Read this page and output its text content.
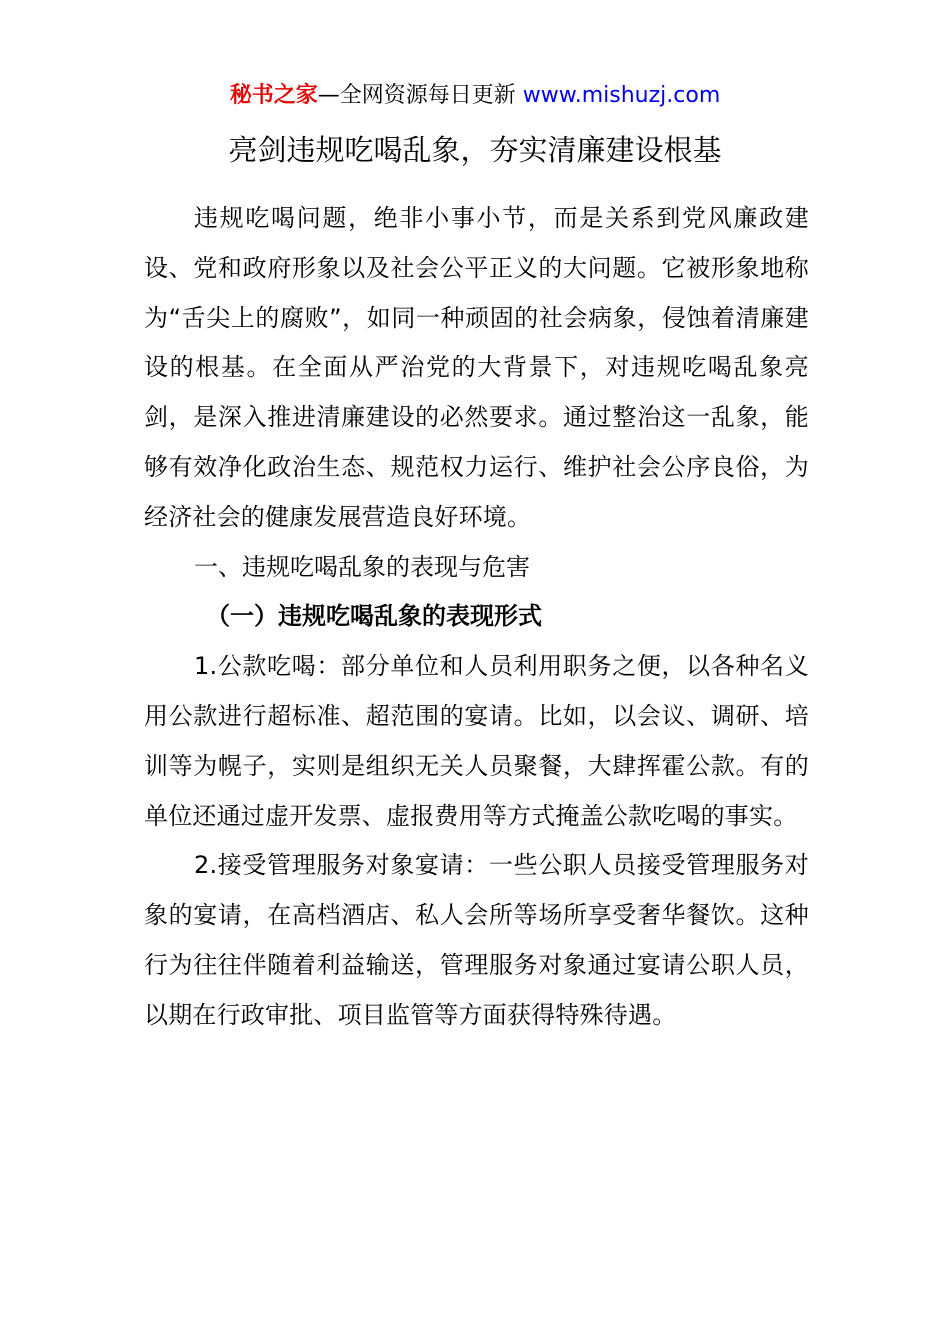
秘书之家—全网资源每日更新 www.mishuzj.com
亮剑违规吃喝乱象，夯实清廉建设根基

违规吃喝问题，绝非小事小节，而是关系到党风廉政建设、党和政府形象以及社会公平正义的大问题。它被形象地称为“舌尖上的腐败”，如同一种顽固的社会病象，侵蚀着清廉建设的根基。在全面从严治党的大背景下，对违规吃喝乱象亮剑，是深入推进清廉建设的必然要求。通过整治这一乱象，能够有效净化政治生态、规范权力运行、维护社会公序良俗，为经济社会的健康发展营造良好环境。

一、违规吃喝乱象的表现与危害

（一）违规吃喝乱象的表现形式

1.公款吃喝：部分单位和人员利用职务之便，以各种名义用公款进行超标准、超范围的宴请。比如，以会议、调研、培训等为幌子，实则是组织无关人员聚餐，大肆挥霍公款。有的单位还通过虚开发票、虚报费用等方式掩盖公款吃喝的事实。

2.接受管理服务对象宴请：一些公职人员接受管理服务对象的宴请，在高档酒店、私人会所等场所享受奢华餐饮。这种行为往往伴随着利益输送，管理服务对象通过宴请公职人员，以期在行政审批、项目监管等方面获得特殊待遇。
